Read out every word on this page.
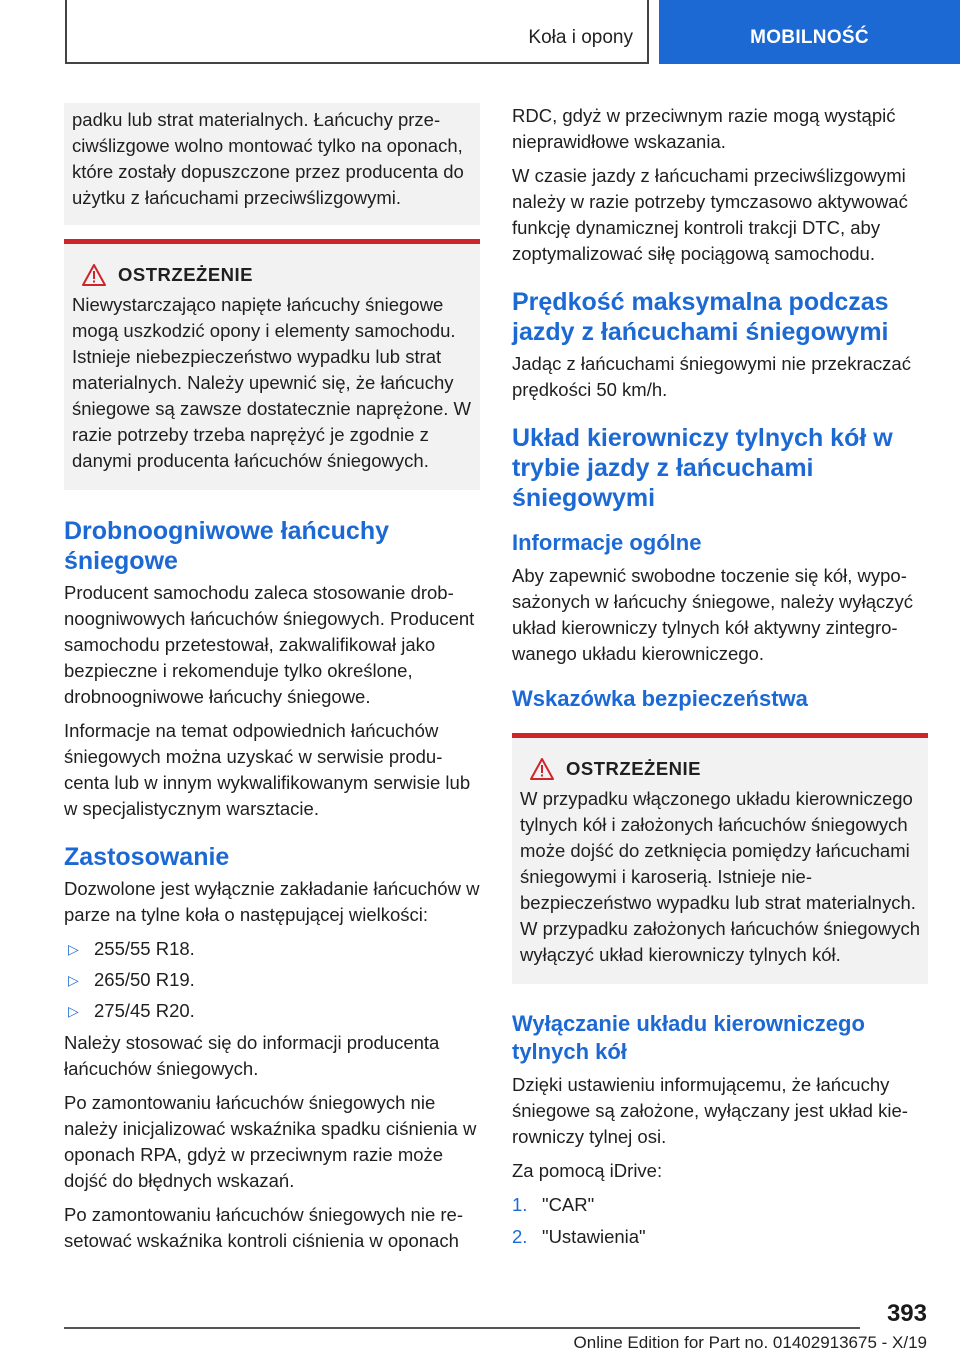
Koła i opony	MOBILNOŚĆ

padku lub strat materialnych. Łańcuchy przeciwślizgowe wolno montować tylko na oponach, które zostały dopuszczone przez producenta do użytku z łańcuchami przeciwślizgowymi.

OSTRZEŻENIE
Niewystarczająco napięte łańcuchy śniegowe mogą uszkodzić opony i elementy samochodu. Istnieje niebezpieczeństwo wypadku lub strat materialnych. Należy upewnić się, że łańcuchy śniegowe są zawsze dostatecznie naprężone. W razie potrzeby trzeba naprężyć je zgodnie z danymi producenta łańcuchów śniegowych.
Drobnoogniwowe łańcuchy śniegowe

Producent samochodu zaleca stosowanie drobnoogniwowych łańcuchów śniegowych. Producent samochodu przetestował, zakwalifikował jako bezpieczne i rekomenduje tylko określone, drobnoogniwowe łańcuchy śniegowe.

Informacje na temat odpowiednich łańcuchów śniegowych można uzyskać w serwisie producenta lub w innym wykwalifikowanym serwisie lub w specjalistycznym warsztacie.

Zastosowanie

Dozwolone jest wyłącznie zakładanie łańcuchów w parze na tylne koła o następującej wielkości:

▷ 255/55 R18.
▷ 265/50 R19.
▷ 275/45 R20.

Należy stosować się do informacji producenta łańcuchów śniegowych.

Po zamontowaniu łańcuchów śniegowych nie należy inicjalizować wskaźnika spadku ciśnienia w oponach RPA, gdyż w przeciwnym razie może dojść do błędnych wskazań.

Po zamontowaniu łańcuchów śniegowych nie resetować wskaźnika kontroli ciśnienia w oponach

RDC, gdyż w przeciwnym razie mogą wystąpić nieprawidłowe wskazania.

W czasie jazdy z łańcuchami przeciwślizgowymi należy w razie potrzeby tymczasowo aktywować funkcję dynamicznej kontroli trakcji DTC, aby zoptymalizować siłę pociągową samochodu.

Prędkość maksymalna podczas jazdy z łańcuchami śniegowymi

Jadąc z łańcuchami śniegowymi nie przekraczać prędkości 50 km/h.

Układ kierowniczy tylnych kół w trybie jazdy z łańcuchami śniegowymi
Informacje ogólne

Aby zapewnić swobodne toczenie się kół, wyposażonych w łańcuchy śniegowe, należy wyłączyć układ kierowniczy tylnych kół aktywny zintegrowanego układu kierowniczego.

Wskazówka bezpieczeństwa
OSTRZEŻENIE
W przypadku włączonego układu kierowniczego tylnych kół i założonych łańcuchów śniegowych może dojść do zetknięcia pomiędzy łańcuchami śniegowymi i karoserią. Istnieje niebezpieczeństwo wypadku lub strat materialnych. W przypadku założonych łańcuchów śniegowych wyłączyć układ kierowniczy tylnych kół.
Wyłączanie układu kierowniczego tylnych kół

Dzięki ustawieniu informującemu, że łańcuchy śniegowe są założone, wyłączany jest układ kierowniczy tylnej osi.

Za pomocą iDrive:

1. "CAR"
2. "Ustawienia"
393
Online Edition for Part no. 01402913675 - X/19
